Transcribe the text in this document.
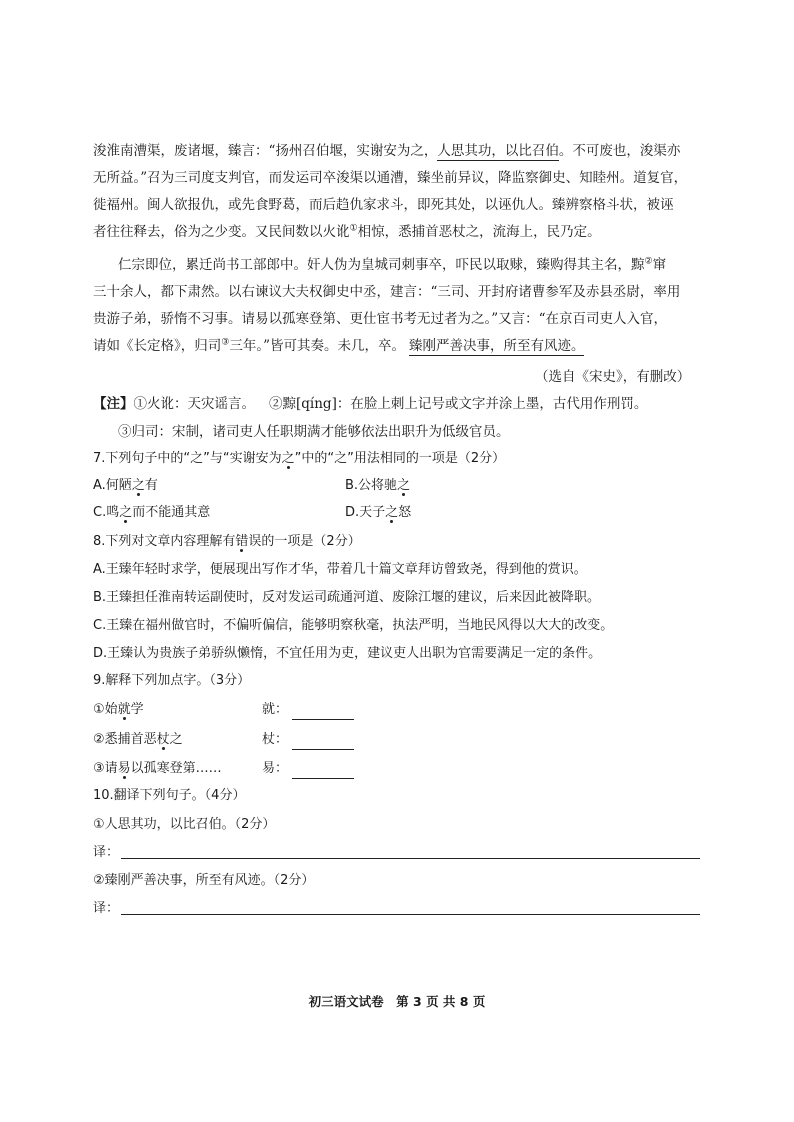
浚淮南漕渠，废诸堰，臻言：“扬州召伯堰，实谢安为之，人思其功，以比召伯。不可废也，浚渠亦
无所益。”召为三司度支判官，而发运司卒浚渠以通漕，臻坐前异议，降监察御史、知睦州。道复官，
徙福州。闽人欲报仇，或先食野葛，而后趋仇家求斗，即死其处，以诬仇人。臻辨察格斗状，被诬
者往往释去，俗为之少变。又民间数以火讹①相惊，悉捕首恶杖之，流海上，民乃定。
仁宗即位，累迁尚书工部郎中。奸人伪为皇城司刺事卒，吓民以取赇，臻购得其主名，黥②窜
三十余人，都下肃然。以右谏议大夫权御史中丞，建言：“三司、开封府诸曹参军及赤县丞尉，率用
贵游子弟，骄惰不习事。请易以孤寒登第、更仕宦书考无过者为之。”又言：“在京百司吏人入官，
请如《长定格》，归司③三年。”皆可其奏。未几，卒。 臻刚严善决事，所至有风迹。
（选自《宋史》，有删改）
【注】①火讹：天灾谣言。 ②黥[qíng]：在脸上刺上记号或文字并涂上墨，古代用作刑罚。
③归司：宋制，诸司吏人任职期满才能够依法出职升为低级官员。
7.下列句子中的“之”与“实谢安为之”中的“之”用法相同的一项是（2分）
A.何陋之有	B.公将驰之
C.鸣之而不能通其意	D.天子之怒
8.下列对文章内容理解有错误的一项是（2分）
A.王臻年轻时求学，便展现出写作才华，带着几十篇文章拜访曾致尧，得到他的赏识。
B.王臻担任淮南转运副使时，反对发运司疏通河道、废除江堰的建议，后来因此被降职。
C.王臻在福州做官时，不偏听偏信，能够明察秋毫，执法严明，当地民风得以大大的改变。
D.王臻认为贵族子弟骄纵懒惰，不宜任用为吏，建议吏人出职为官需要满足一定的条件。
9.解释下列加点字。（3分）
①始就学	就：
②悉捕首恶杖之	杖：
③请易以孤寒登第……	易：
10.翻译下列句子。（4分）
①人思其功，以比召伯。（2分）
译：
②臻刚严善决事，所至有风迹。（2分）
译：
初三语文试卷　第 3 页 共 8 页
